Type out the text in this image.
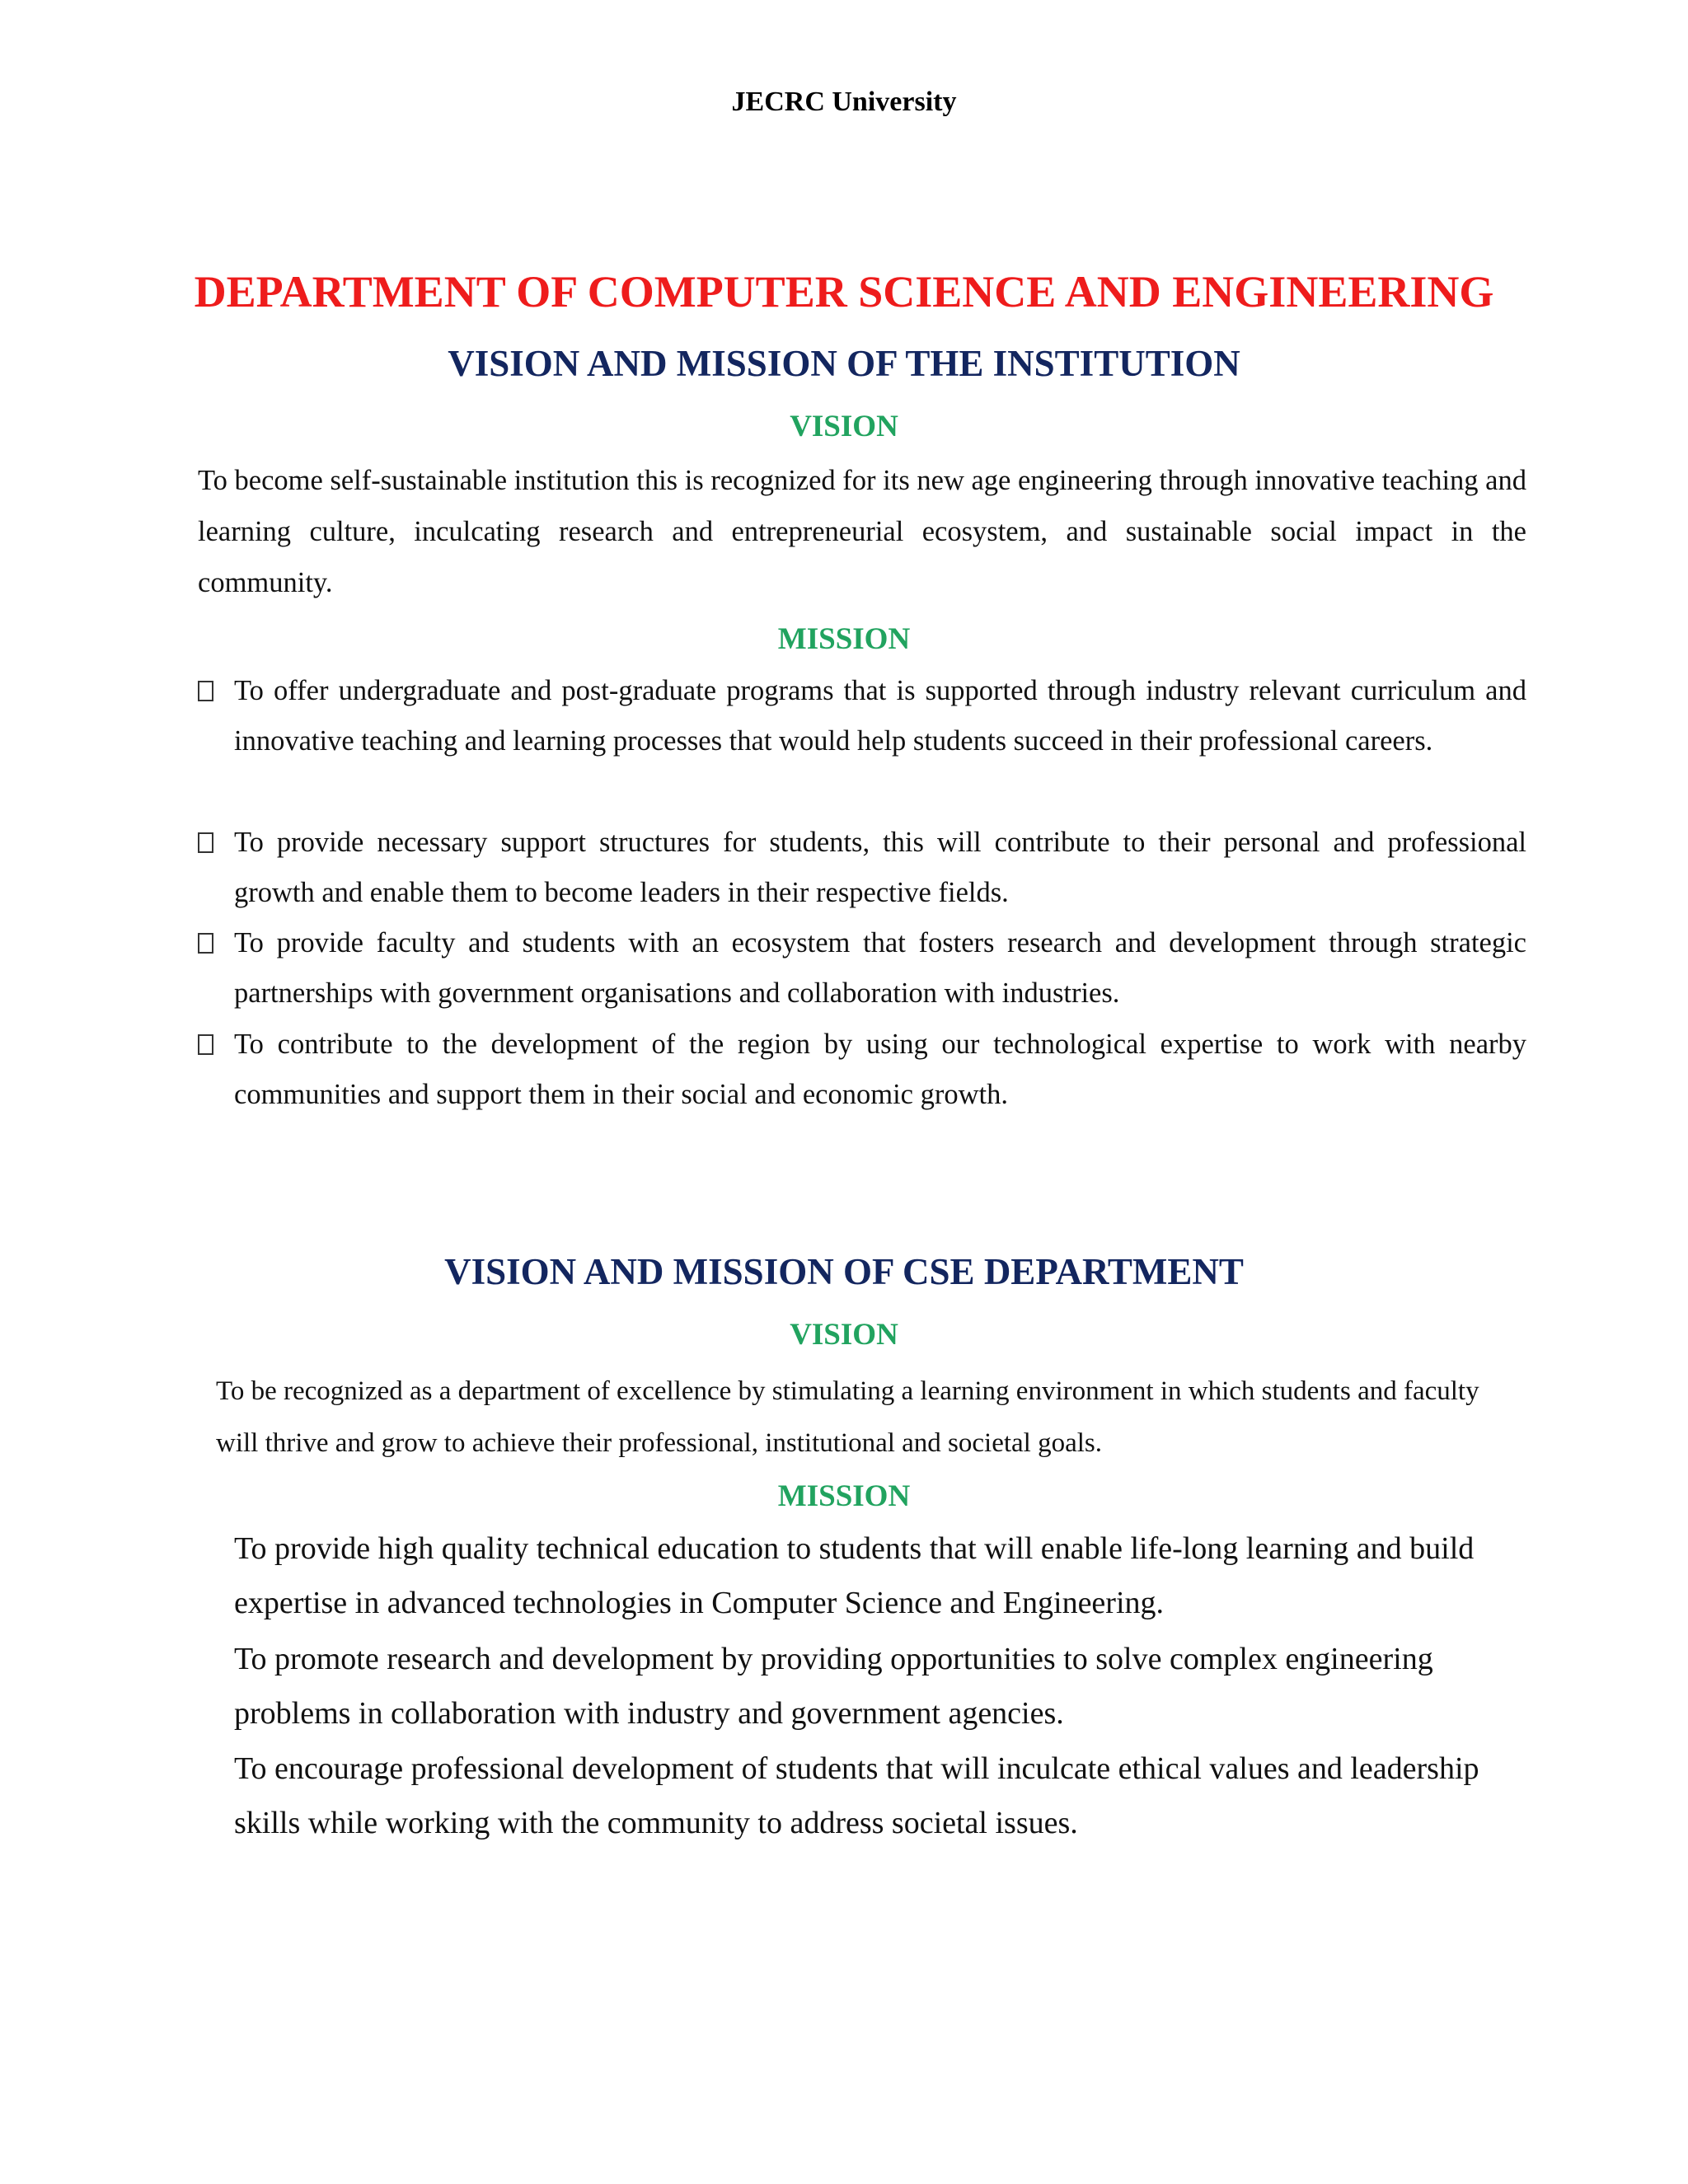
JECRC University
DEPARTMENT OF COMPUTER SCIENCE AND ENGINEERING
VISION AND MISSION OF THE INSTITUTION
VISION
To become self-sustainable institution this is recognized for its new age engineering through innovative teaching and learning culture, inculcating research and entrepreneurial ecosystem, and sustainable social impact in the community.
MISSION
To offer undergraduate and post-graduate programs that is supported through industry relevant curriculum and innovative teaching and learning processes that would help students succeed in their professional careers.
To provide necessary support structures for students, this will contribute to their personal and professional growth and enable them to become leaders in their respective fields.
To provide faculty and students with an ecosystem that fosters research and development through strategic partnerships with government organisations and collaboration with industries.
To contribute to the development of the region by using our technological expertise to work with nearby communities and support them in their social and economic growth.
VISION AND MISSION OF CSE DEPARTMENT
VISION
To be recognized as a department of excellence by stimulating a learning environment in which students and faculty will thrive and grow to achieve their professional, institutional and societal goals.
MISSION
To provide high quality technical education to students that will enable life-long learning and build expertise in advanced technologies in Computer Science and Engineering.
To promote research and development by providing opportunities to solve complex engineering problems in collaboration with industry and government agencies.
To encourage professional development of students that will inculcate ethical values and leadership skills while working with the community to address societal issues.
